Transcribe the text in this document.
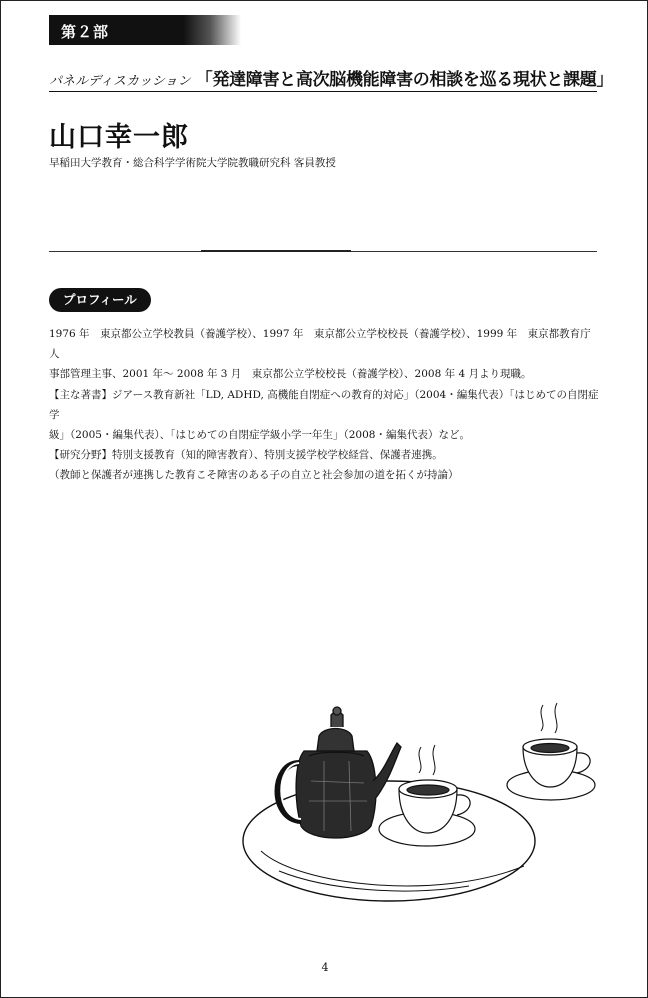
第２部
パネルディスカッション 「発達障害と高次脳機能障害の相談を巡る現状と課題」
山口幸一郎
早稲田大学教育・総合科学学術院大学院教職研究科 客員教授
プロフィール

1976 年　東京都公立学校教員（養護学校）、1997 年　東京都公立学校校長（養護学校）、1999 年　東京都教育庁人

事部管理主事、2001 年～ 2008 年 3 月　東京都公立学校校長（養護学校）、2008 年 4 月より現職。

【主な著書】ジアース教育新社「LD, ADHD, 高機能自閉症への教育的対応」（2004・編集代表）「はじめての自閉症学

級」（2005・編集代表）、「はじめての自閉症学級小学一年生」（2008・編集代表）など。

【研究分野】特別支援教育（知的障害教育）、特別支援学校学校経営、保護者連携。

（教師と保護者が連携した教育こそ障害のある子の自立と社会参加の道を拓くが持論）

4
